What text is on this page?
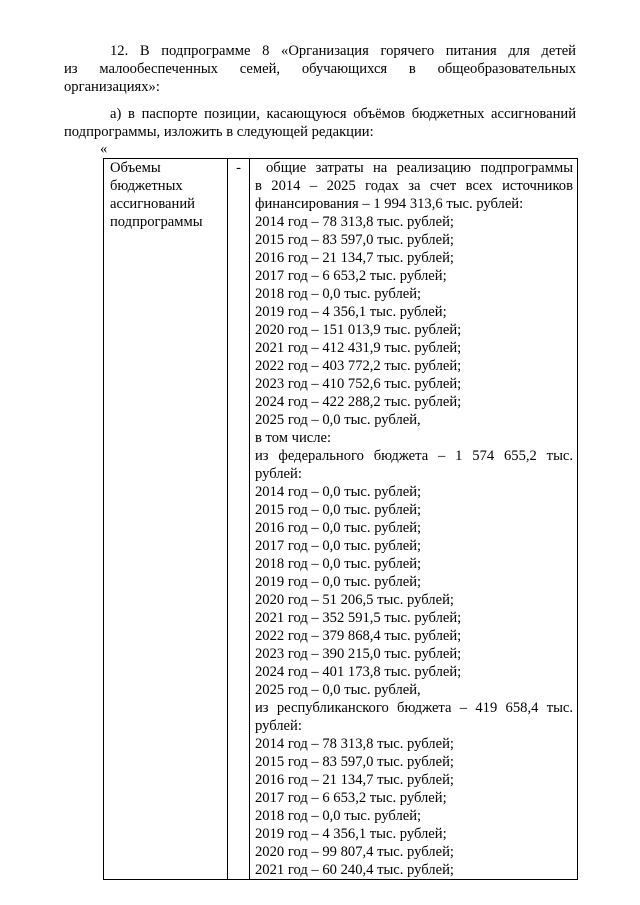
12. В подпрограмме 8 «Организация горячего питания для детей
из малообеспеченных семей, обучающихся в общеобразовательных
организациях»:
а) в паспорте позиции, касающуюся объёмов бюджетных ассигнований
подпрограммы, изложить в следующей редакции:
«
Объемы
бюджетных
ассигнований
подпрограммы

-	общие затраты на реализацию подпрограммы
в 2014 – 2025 годах за счет всех источников
финансирования – 1 994 313,6 тыс. рублей:
2014 год – 78 313,8 тыс. рублей;
2015 год – 83 597,0 тыс. рублей;
2016 год – 21 134,7 тыс. рублей;
2017 год – 6 653,2 тыс. рублей;
2018 год – 0,0 тыс. рублей;
2019 год – 4 356,1 тыс. рублей;
2020 год – 151 013,9 тыс. рублей;
2021 год – 412 431,9 тыс. рублей;
2022 год – 403 772,2 тыс. рублей;
2023 год – 410 752,6 тыс. рублей;
2024 год – 422 288,2 тыс. рублей;
2025 год – 0,0 тыс. рублей,
в том числе:
из федерального бюджета – 1 574 655,2 тыс.
рублей:
2014 год – 0,0 тыс. рублей;
2015 год – 0,0 тыс. рублей;
2016 год – 0,0 тыс. рублей;
2017 год – 0,0 тыс. рублей;
2018 год – 0,0 тыс. рублей;
2019 год – 0,0 тыс. рублей;
2020 год – 51 206,5 тыс. рублей;
2021 год – 352 591,5 тыс. рублей;
2022 год – 379 868,4 тыс. рублей;
2023 год – 390 215,0 тыс. рублей;
2024 год – 401 173,8 тыс. рублей;
2025 год – 0,0 тыс. рублей,
из республиканского бюджета – 419 658,4 тыс.
рублей:
2014 год – 78 313,8 тыс. рублей;
2015 год – 83 597,0 тыс. рублей;
2016 год – 21 134,7 тыс. рублей;
2017 год – 6 653,2 тыс. рублей;
2018 год – 0,0 тыс. рублей;
2019 год – 4 356,1 тыс. рублей;
2020 год – 99 807,4 тыс. рублей;
2021 год – 60 240,4 тыс. рублей;
